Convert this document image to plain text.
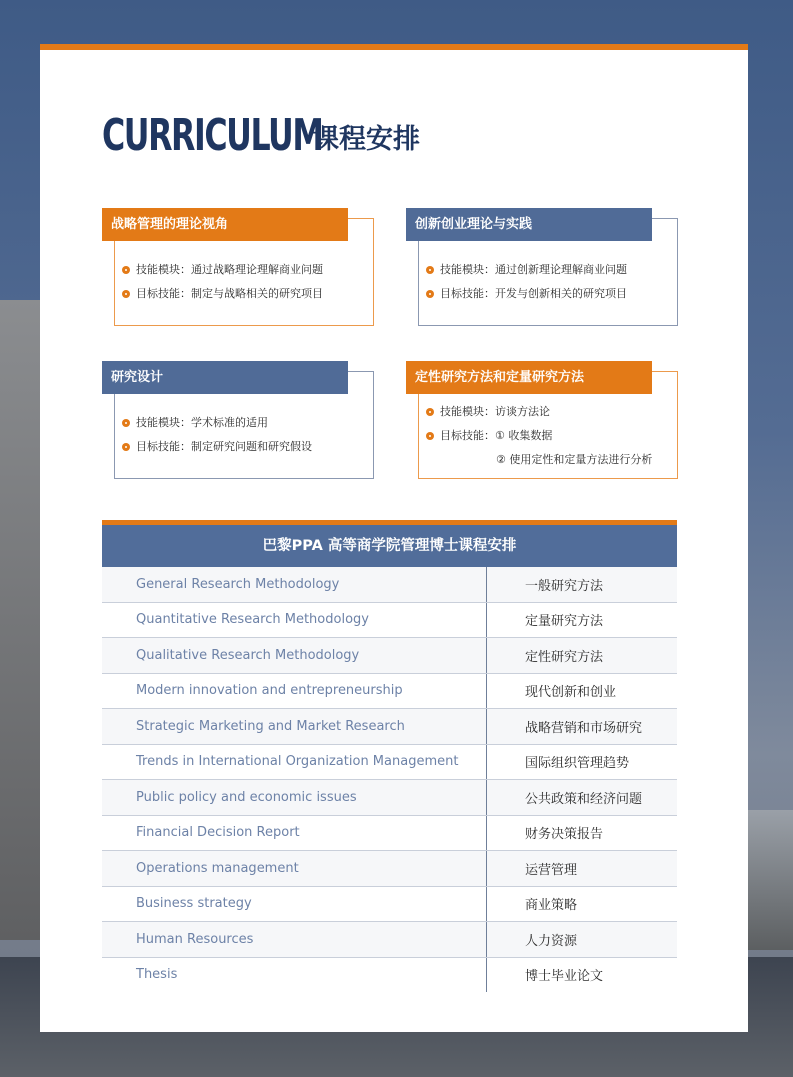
CURRICULUM
课程安排
战略管理的理论视角
技能模块：通过战略理论理解商业问题
目标技能：制定与战略相关的研究项目
创新创业理论与实践
技能模块：通过创新理论理解商业问题
目标技能：开发与创新相关的研究项目
研究设计
技能模块：学术标准的适用
目标技能：制定研究问题和研究假设
定性研究方法和定量研究方法
技能模块：访谈方法论
目标技能：① 收集数据
② 使用定性和定量方法进行分析
巴黎PPA 高等商学院管理博士课程安排
General Research Methodology	一般研究方法
Quantitative Research Methodology	定量研究方法
Qualitative Research Methodology	定性研究方法
Modern innovation and entrepreneurship	现代创新和创业
Strategic Marketing and Market Research	战略营销和市场研究
Trends in International Organization Management	国际组织管理趋势
Public policy and economic issues	公共政策和经济问题
Financial Decision Report	财务决策报告
Operations management	运营管理
Business strategy	商业策略
Human Resources	人力资源
Thesis	博士毕业论文
